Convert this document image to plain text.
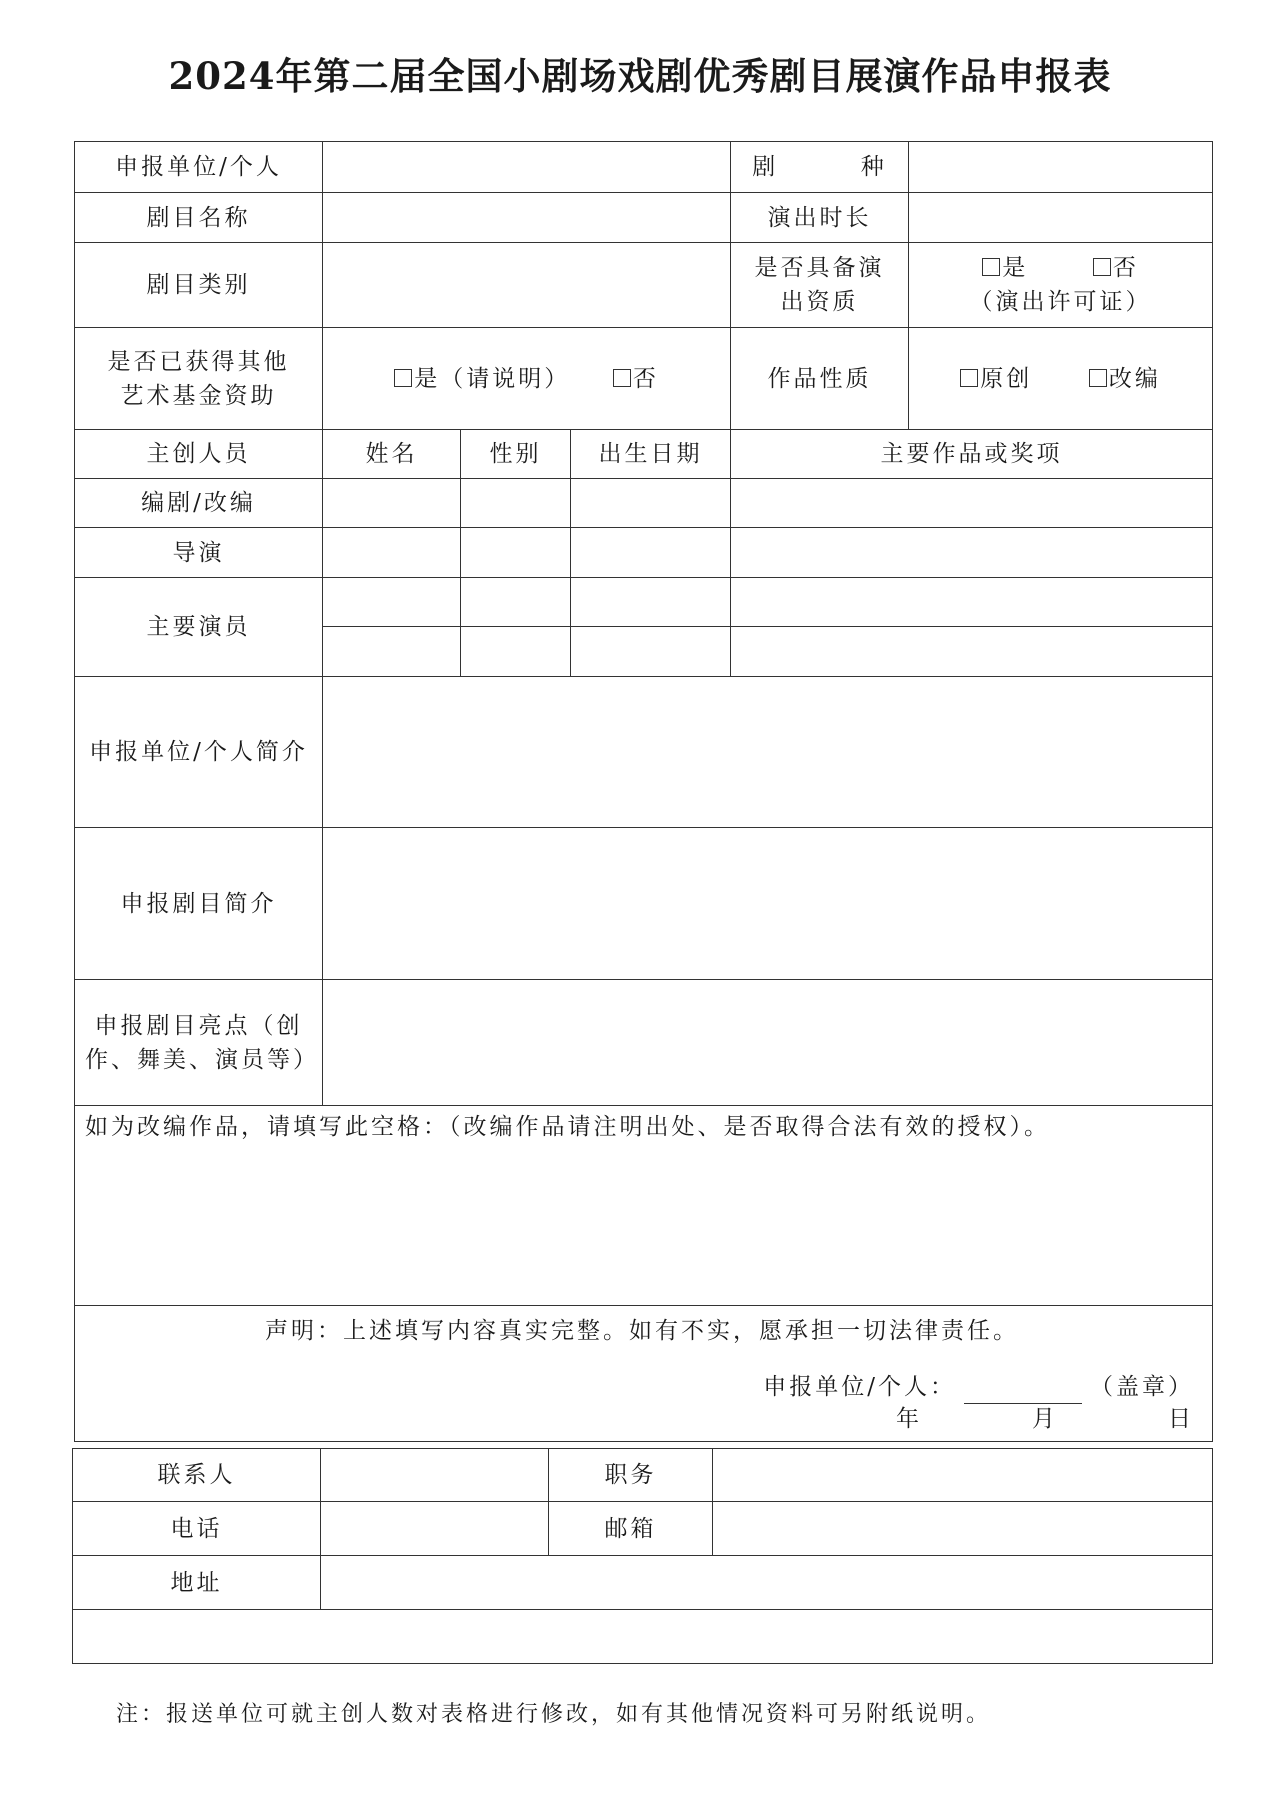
2024年第二届全国小剧场戏剧优秀剧目展演作品申报表
申报单位/个人				剧        种	
剧目名称				演出时长	
剧目类别				是否具备演出资质	是 否
（演出许可证）

是否已获得其他艺术基金资助	是（请说明） 否			作品性质	原创 改编
主创人员	姓名	性别	出生日期	主要作品或奖项	
编剧/改编					
导演					
主要演员					

申报单位/个人简介					
申报剧目简介					
申报剧目亮点（创作、舞美、演员等）					
如为改编作品，请填写此空格：（改编作品请注明出处、是否取得合法有效的授权）。					

声明：上述填写内容真实完整。如有不实，愿承担一切法律责任。
申报单位/个人： （盖章）
年 月 日					
联系人		职务	
电话		邮箱	
地址			

注：报送单位可就主创人数对表格进行修改，如有其他情况资料可另附纸说明。
